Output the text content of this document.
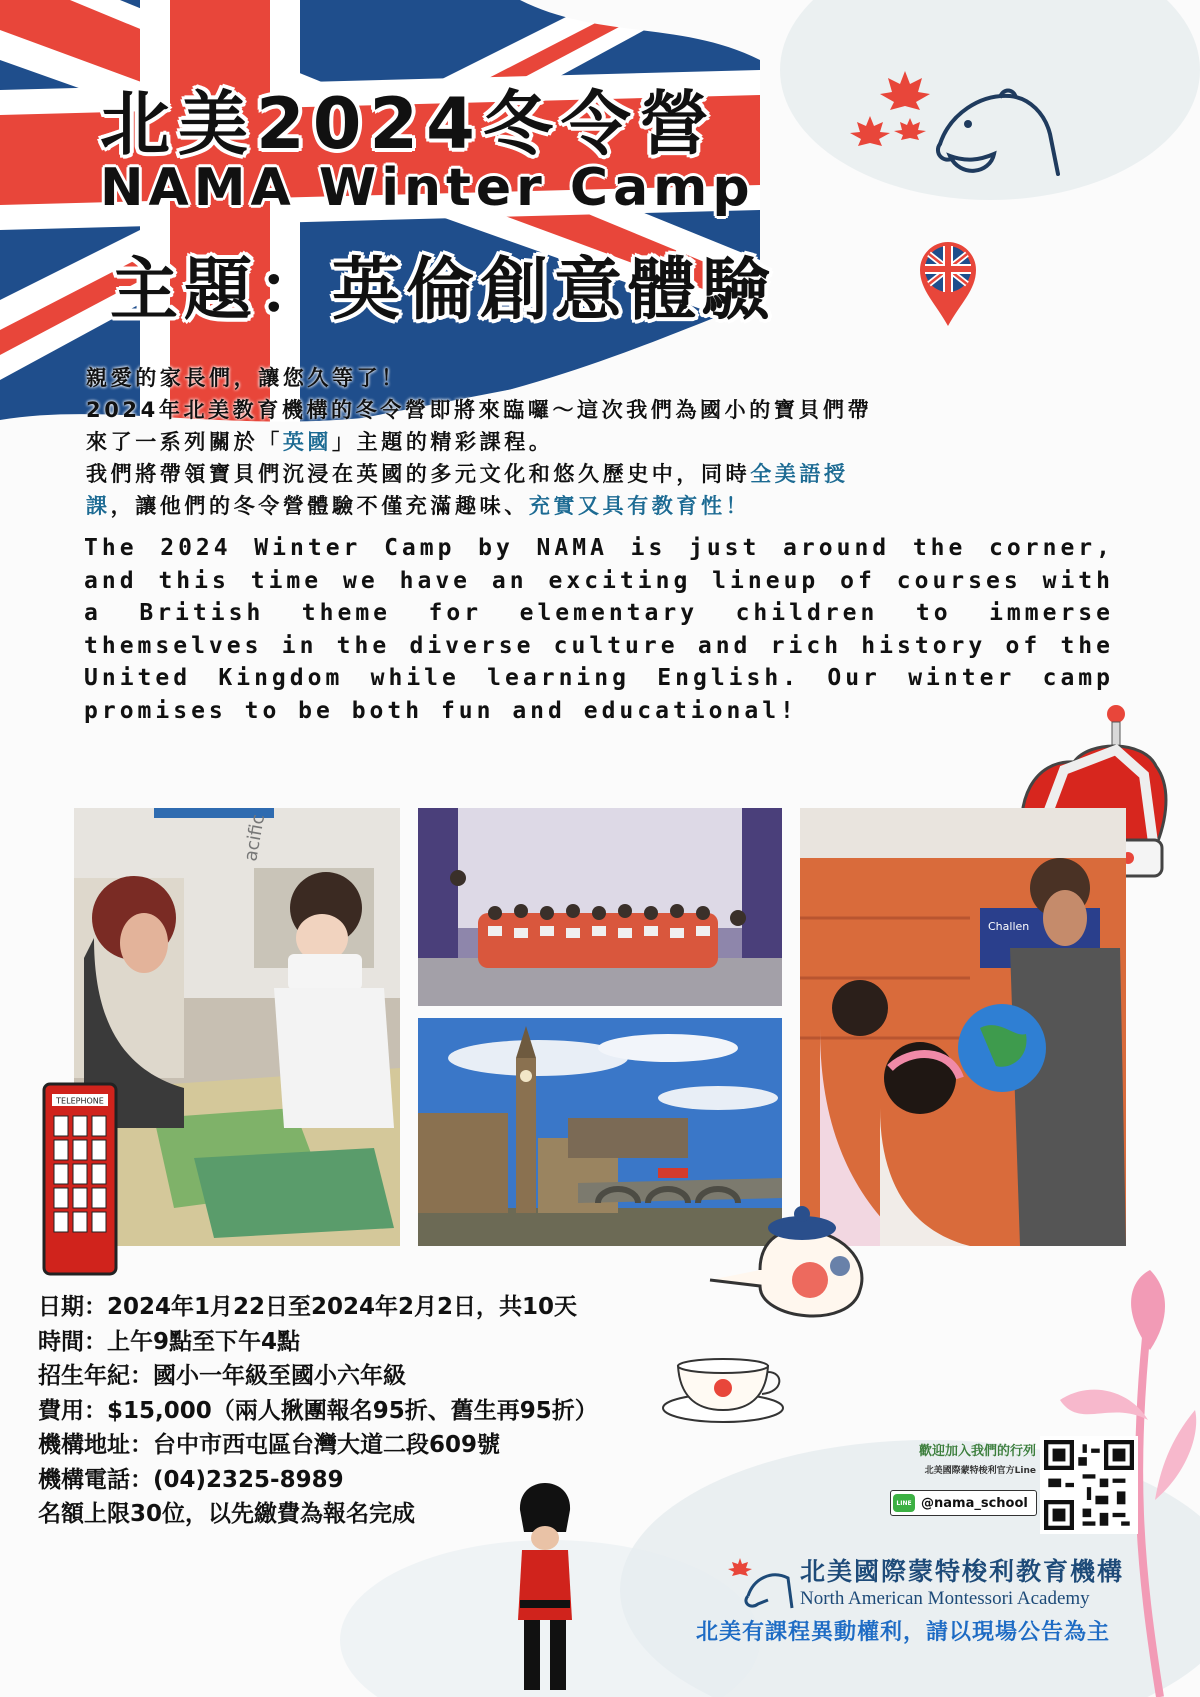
北美2024冬令營
NAMA Winter Camp
主題：英倫創意體驗
親愛的家長們，讓您久等了！
2024年北美教育機構的冬令營即將來臨囉～這次我們為國小的寶貝們帶
來了一系列關於「英國」主題的精彩課程。
我們將帶領寶貝們沉浸在英國的多元文化和悠久歷史中，同時全美語授
課，讓他們的冬令營體驗不僅充滿趣味、充實又具有教育性！
The 2024 Winter Camp by NAMA is just around the corner, and this time we have an exciting lineup of courses with a British theme for elementary children to immerse themselves in the diverse culture and rich history of the United Kingdom while learning English. Our winter camp promises to be both fun and educational!
acific
TELEPHONE
Challen
日期：2024年1月22日至2024年2月2日，共10天
時間：上午9點至下午4點
招生年紀：國小一年級至國小六年級
費用：$15,000（兩人揪團報名95折、舊生再95折）
機構地址：台中市西屯區台灣大道二段609號
機構電話：(04)2325-8989
名額上限30位，以先繳費為報名完成
歡迎加入我們的行列
北美國際蒙特梭利官方Line
LINE @nama_school
北美國際蒙特梭利教育機構
North American Montessori Academy
北美有課程異動權利，請以現場公告為主
